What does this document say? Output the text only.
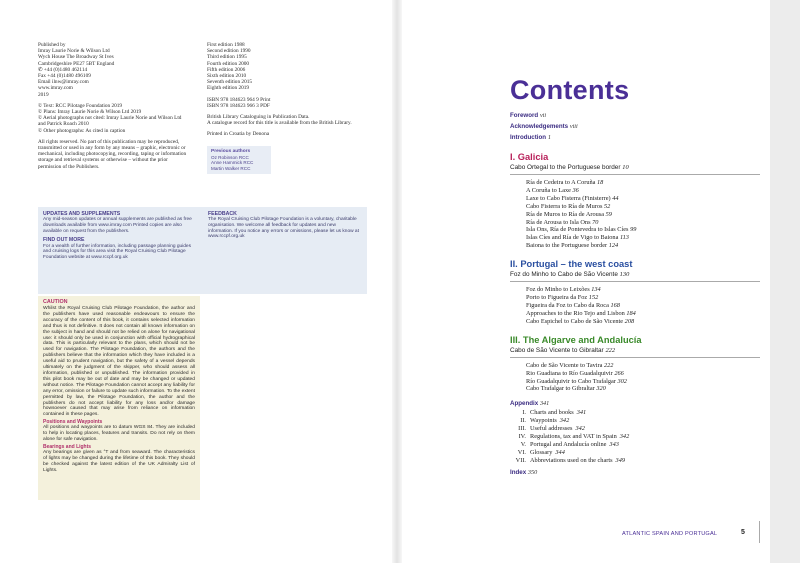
Published by
Imray Laurie Norie & Wilson Ltd
Wych House The Broadway St Ives
Cambridgeshire PE27 5BT England
✆ +44 (0)1480 462114
Fax +44 (0)1480 496109
Email ilnw@imray.com
www.imray.com
2019

© Text: RCC Pilotage Foundation 2019
© Plans: Imray Laurie Norie & Wilson Ltd 2019
© Aerial photographs not cited: Imray Laurie Norie and Wilson Ltd and Patrick Roach 2010
© Other photographs: As cited in caption

All rights reserved. No part of this publication may be reproduced, transmitted or used in any form by any means – graphic, electronic or mechanical, including photocopying, recording, taping or information storage and retrieval systems or otherwise – without the prior permission of the Publishers.

First edition 1988
Second edition 1990
Third edition 1995
Fourth edition 2000
Fifth edition 2006
Sixth edition 2010
Seventh edition 2015
Eighth edition 2019

ISBN 978 184623 964 9 Print
ISBN 978 184623 966 3 PDF

British Library Cataloguing in Publication Data.
A catalogue record for this title is available from the British Library.

Printed in Croatia by Denona

Previous authors
Oz Robinson RCC
Anne Hammick RCC
Martin Walker RCC
UPDATES AND SUPPLEMENTS

Any mid-season updates or annual supplements are published as free downloads available from www.imray.com Printed copies are also available on request from the publishers.

FIND OUT MORE

For a wealth of further information, including passage planning guides and cruising logs for this area visit the Royal Cruising Club Pilotage Foundation website at www.rccpf.org.uk

FEEDBACK

The Royal Cruising Club Pilotage Foundation is a voluntary, charitable organisation. We welcome all feedback for updates and new information. If you notice any errors or omissions, please let us know at www.rccpf.org.uk

CAUTION

Whilst the Royal Cruising Club Pilotage Foundation, the author and the publishers have used reasonable endeavours to ensure the accuracy of the content of this book, it contains selected information and thus is not definitive. It does not contain all known information on the subject in hand and should not be relied on alone for navigational use: it should only be used in conjunction with official hydrographical data. This is particularly relevant to the plans, which should not be used for navigation. The Pilotage Foundation, the authors and the publishers believe that the information which they have included is a useful aid to prudent navigation, but the safety of a vessel depends ultimately on the judgment of the skipper, who should assess all information, published or unpublished. The information provided in this pilot book may be out of date and may be changed or updated without notice. The Pilotage Foundation cannot accept any liability for any error, omission or failure to update such information. To the extent permitted by law, the Pilotage Foundation, the author and the publishers do not accept liability for any loss and/or damage howsoever caused that may arise from reliance on information contained in these pages.

Positions and Waypoints

All positions and waypoints are to datum WGS 84. They are included to help in locating places, features and transits. Do not rely on them alone for safe navigation.

Bearings and Lights

Any bearings are given as °T and from seaward. The characteristics of lights may be changed during the lifetime of this book. They should be checked against the latest edition of the UK Admiralty List of Lights.

Contents
Foreword vii
Acknowledgements viii
Introduction 1
I. Galicia
Cabo Ortegal to the Portuguese border 10
Ría de Cedeira to A Coruña 18
A Coruña to Laxe 36
Laxe to Cabo Fisterra (Finisterre) 44
Cabo Fisterra to Ría de Muros 52
Ría de Muros to Ría de Arousa 59
Ría de Arousa to Isla Ons 70
Isla Ons, Ría de Pontevedra to Islas Cíes 99
Islas Cíes and Ría de Vigo to Baiona 113
Baiona to the Portuguese border 124
II. Portugal – the west coast
Foz do Minho to Cabo de São Vicente 130
Foz do Minho to Leixões 134
Porto to Figueira da Foz 152
Figueira da Foz to Cabo da Roca 168
Approaches to the Rio Tejo and Lisbon 184
Cabo Espichel to Cabo de São Vicente 208
III. The Algarve and Andalucía
Cabo de São Vicente to Gibraltar 222
Cabo de São Vicente to Tavira 222
Rio Guadiana to Río Guadalquivir 266
Río Guadalquivir to Cabo Trafalgar 302
Cabo Trafalgar to Gibraltar 320
Appendix 341
I. Charts and books 341
II. Waypoints 342
III. Useful addresses 342
IV. Regulations, tax and VAT in Spain 342
V. Portugal and Andalucía online 343
VI. Glossary 344
VII. Abbreviations used on the charts 349
Index 350
ATLANTIC SPAIN AND PORTUGAL	5
